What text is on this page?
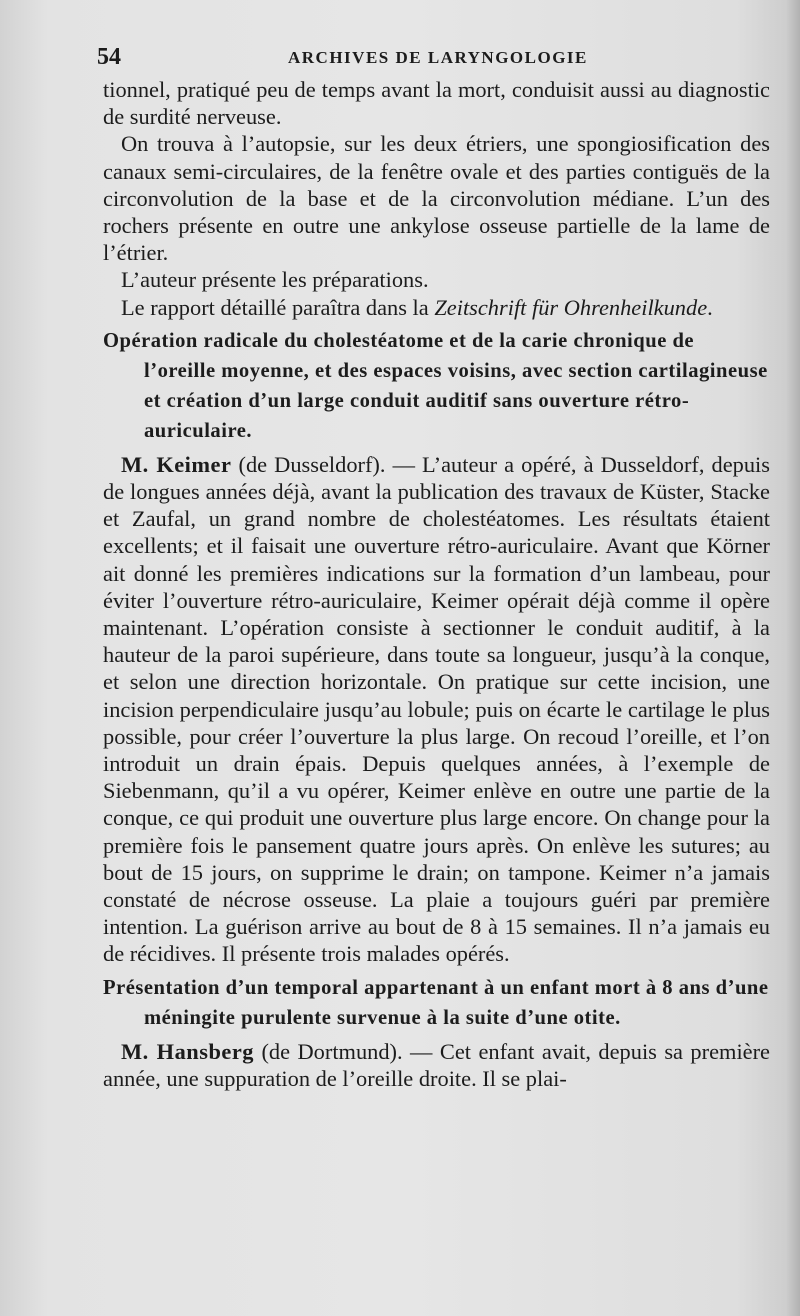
54	ARCHIVES DE LARYNGOLOGIE

tionnel, pratiqué peu de temps avant la mort, conduisit aussi au diagnostic de surdité nerveuse.

On trouva à l’autopsie, sur les deux étriers, une spongiosification des canaux semi-circulaires, de la fenêtre ovale et des parties contiguës de la circonvolution de la base et de la circonvolution médiane. L’un des rochers présente en outre une ankylose osseuse partielle de la lame de l’étrier.

L’auteur présente les préparations.

Le rapport détaillé paraîtra dans la Zeitschrift für Ohrenheilkunde.

Opération radicale du cholestéatome et de la carie chronique de l’oreille moyenne, et des espaces voisins, avec section cartilagineuse et création d’un large conduit auditif sans ouverture rétro-auriculaire.

M. Keimer (de Dusseldorf). — L’auteur a opéré, à Dusseldorf, depuis de longues années déjà, avant la publication des travaux de Küster, Stacke et Zaufal, un grand nombre de cholestéatomes. Les résultats étaient excellents; et il faisait une ouverture rétro-auriculaire. Avant que Körner ait donné les premières indications sur la formation d’un lambeau, pour éviter l’ouverture rétro-auriculaire, Keimer opérait déjà comme il opère maintenant. L’opération consiste à sectionner le conduit auditif, à la hauteur de la paroi supérieure, dans toute sa longueur, jusqu’à la conque, et selon une direction horizontale. On pratique sur cette incision, une incision perpendiculaire jusqu’au lobule; puis on écarte le cartilage le plus possible, pour créer l’ouverture la plus large. On recoud l’oreille, et l’on introduit un drain épais. Depuis quelques années, à l’exemple de Siebenmann, qu’il a vu opérer, Keimer enlève en outre une partie de la conque, ce qui produit une ouverture plus large encore. On change pour la première fois le pansement quatre jours après. On enlève les sutures; au bout de 15 jours, on supprime le drain; on tampone. Keimer n’a jamais constaté de nécrose osseuse. La plaie a toujours guéri par première intention. La guérison arrive au bout de 8 à 15 semaines. Il n’a jamais eu de récidives. Il présente trois malades opérés.

Présentation d’un temporal appartenant à un enfant mort à 8 ans d’une méningite purulente survenue à la suite d’une otite.

M. Hansberg (de Dortmund). — Cet enfant avait, depuis sa première année, une suppuration de l’oreille droite. Il se plai-
